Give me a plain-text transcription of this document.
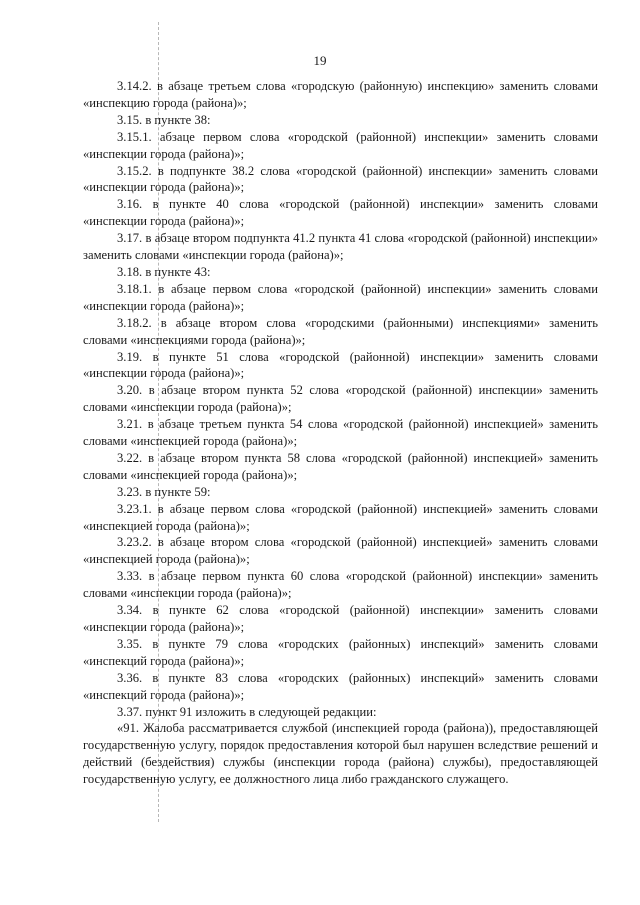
19

3.14.2. в абзаце третьем слова «городскую (районную) инспекцию» заменить словами «инспекцию города (района)»;

3.15. в пункте 38:

3.15.1. абзаце первом слова «городской (районной) инспекции» заменить словами «инспекции города (района)»;

3.15.2. в подпункте 38.2 слова «городской (районной) инспекции» заменить словами «инспекции города (района)»;

3.16. в пункте 40 слова «городской (районной) инспекции» заменить словами «инспекции города (района)»;

3.17. в абзаце втором подпункта 41.2 пункта 41 слова «городской (районной) инспекции» заменить словами «инспекции города (района)»;

3.18. в пункте 43:

3.18.1. в абзаце первом слова «городской (районной) инспекции» заменить словами «инспекции города (района)»;

3.18.2. в абзаце втором слова «городскими (районными) инспекциями» заменить словами «инспекциями города (района)»;

3.19. в пункте 51 слова «городской (районной) инспекции» заменить словами «инспекции города (района)»;

3.20. в абзаце втором пункта 52 слова «городской (районной) инспекции» заменить словами «инспекции города (района)»;

3.21. в абзаце третьем пункта 54 слова «городской (районной) инспекцией» заменить словами «инспекцией города (района)»;

3.22. в абзаце втором пункта 58 слова «городской (районной) инспекцией» заменить словами «инспекцией города (района)»;

3.23. в пункте 59:

3.23.1. в абзаце первом слова «городской (районной) инспекцией» заменить словами «инспекцией города (района)»;

3.23.2. в абзаце втором слова «городской (районной) инспекцией» заменить словами «инспекцией города (района)»;

3.33. в абзаце первом пункта 60 слова «городской (районной) инспекции» заменить словами «инспекции города (района)»;

3.34. в пункте 62 слова «городской (районной) инспекции» заменить словами «инспекции города (района)»;

3.35. в пункте 79 слова «городских (районных) инспекций» заменить словами «инспекций города (района)»;

3.36. в пункте 83 слова «городских (районных) инспекций» заменить словами «инспекций города (района)»;

3.37. пункт 91 изложить в следующей редакции:

«91. Жалоба рассматривается службой (инспекцией города (района)), предоставляющей государственную услугу, порядок предоставления которой был нарушен вследствие решений и действий (бездействия) службы (инспекции города (района) службы), предоставляющей государственную услугу, ее должностного лица либо гражданского служащего.
